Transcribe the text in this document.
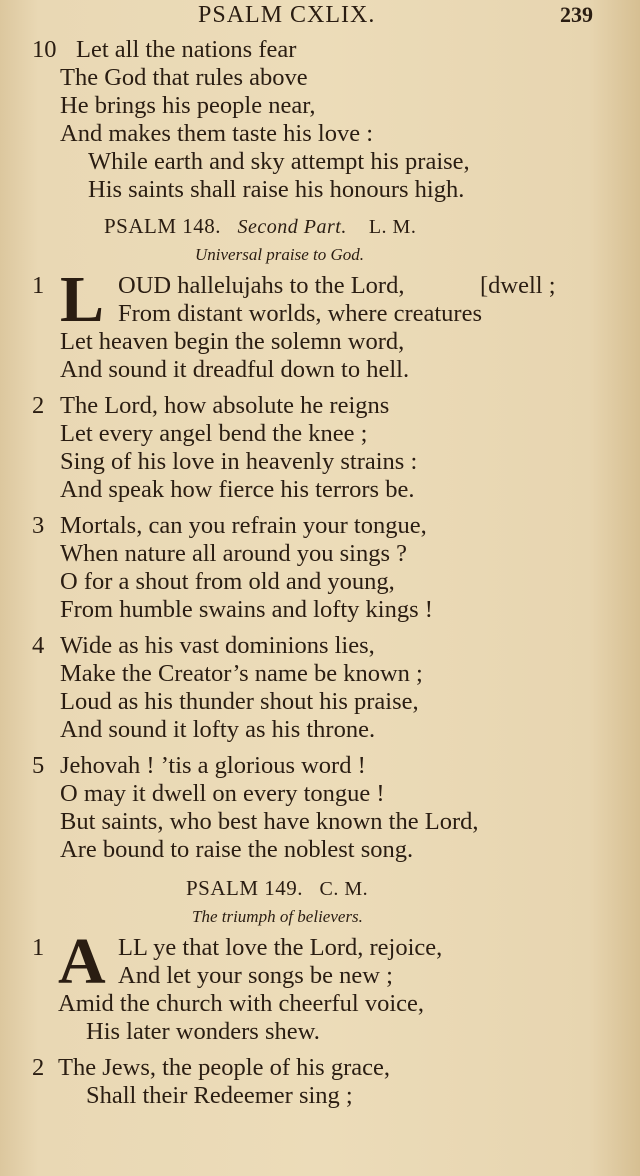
PSALM CXLIX.	239
10 Let all the nations fear
The God that rules above
He brings his people near,
And makes them taste his love :
While earth and sky attempt his praise,
His saints shall raise his honours high.
PSALM 148. Second Part. L. M.
Universal praise to God.
1 L OUD hallelujahs to the Lord,	[dwell ;
From distant worlds, where creatures
Let heaven begin the solemn word,
And sound it dreadful down to hell.
2 The Lord, how absolute he reigns
Let every angel bend the knee ;
Sing of his love in heavenly strains :
And speak how fierce his terrors be.
3 Mortals, can you refrain your tongue,
When nature all around you sings ?
O for a shout from old and young,
From humble swains and lofty kings !
4 Wide as his vast dominions lies,
Make the Creator’s name be known ;
Loud as his thunder shout his praise,
And sound it lofty as his throne.
5 Jehovah ! ’tis a glorious word !
O may it dwell on every tongue !
But saints, who best have known the Lord,
Are bound to raise the noblest song.
PSALM 149. C. M.
The triumph of believers.
1 A LL ye that love the Lord, rejoice,
And let your songs be new ;
Amid the church with cheerful voice,
His later wonders shew.
2 The Jews, the people of his grace,
Shall their Redeemer sing ;
